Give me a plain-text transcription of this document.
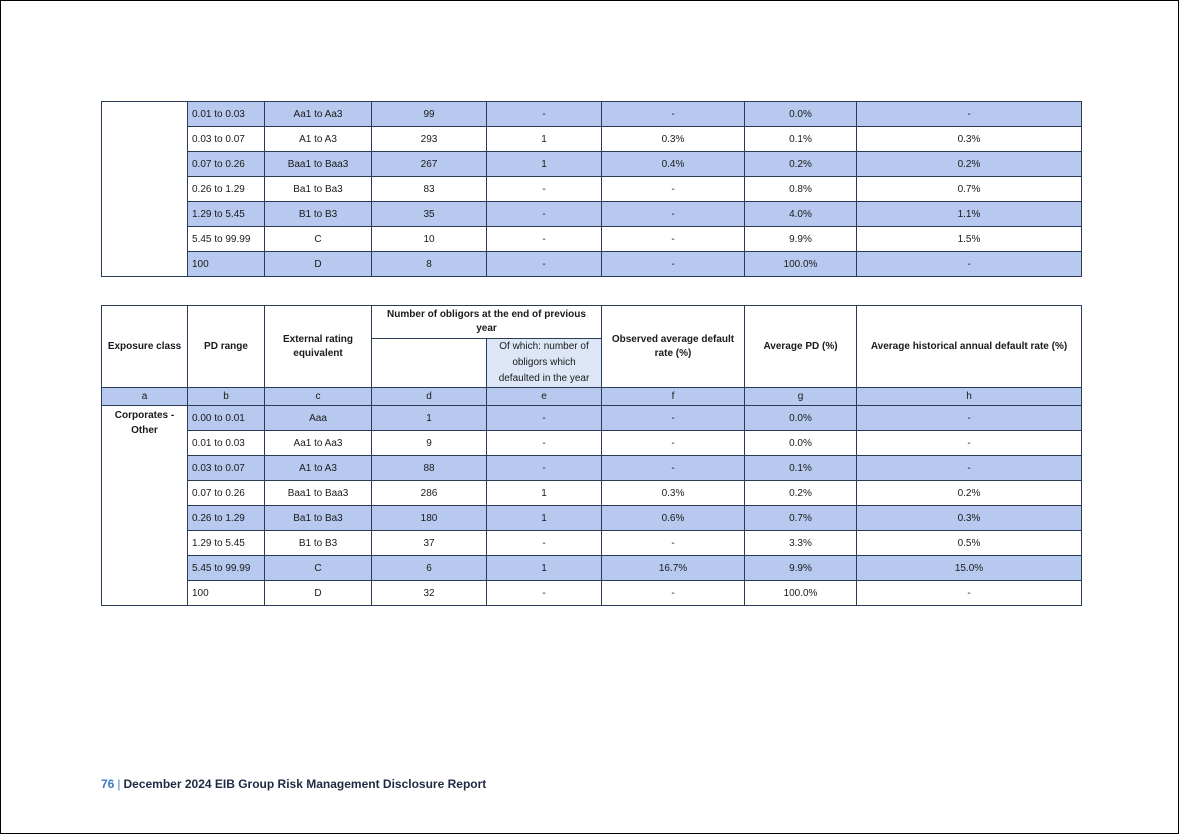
	0.01 to 0.03	Aa1 to Aa3	99	-	-	0.0%	-
	0.03 to 0.07	A1 to A3	293	1	0.3%	0.1%	0.3%
	0.07 to 0.26	Baa1 to Baa3	267	1	0.4%	0.2%	0.2%
	0.26 to 1.29	Ba1 to Ba3	83	-	-	0.8%	0.7%
	1.29 to 5.45	B1 to B3	35	-	-	4.0%	1.1%
	5.45 to 99.99	C	10	-	-	9.9%	1.5%
	100	D	8	-	-	100.0%	-
Exposure class	PD range	External rating equivalent	Number of obligors at the end of previous year		Observed average default rate (%)	Average PD (%)	Average historical annual default rate (%)
				Of which: number of obligors which defaulted in the year			
a	b	c	d	e	f	g	h
Corporates - Other	0.00 to 0.01	Aaa	1	-	-	0.0%	-
	0.01 to 0.03	Aa1 to Aa3	9	-	-	0.0%	-
	0.03 to 0.07	A1 to A3	88	-	-	0.1%	-
	0.07 to 0.26	Baa1 to Baa3	286	1	0.3%	0.2%	0.2%
	0.26 to 1.29	Ba1 to Ba3	180	1	0.6%	0.7%	0.3%
	1.29 to 5.45	B1 to B3	37	-	-	3.3%	0.5%
	5.45 to 99.99	C	6	1	16.7%	9.9%	15.0%
	100	D	32	-	-	100.0%	-
76 | December 2024 EIB Group Risk Management Disclosure Report
